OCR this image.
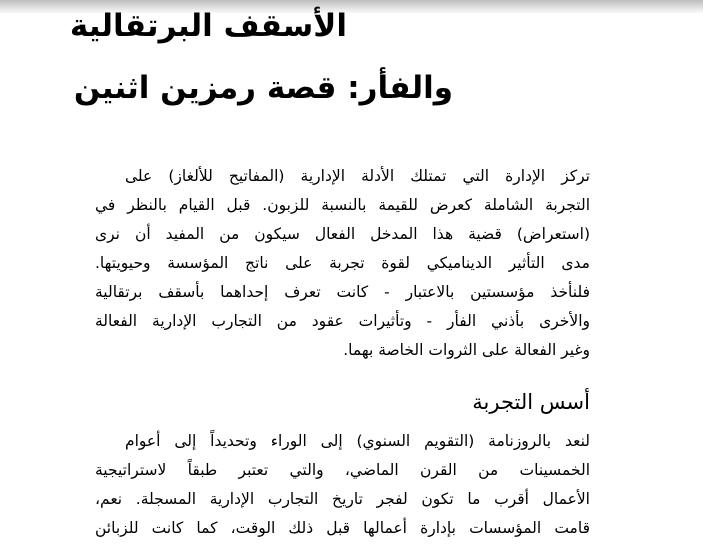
الأسقف البرتقالية
والفأر: قصة رمزين اثنين
تركز الإدارة التي تمتلك الأدلة الإدارية (المفاتيح للألغاز) على
التجربة الشاملة كعرض للقيمة بالنسبة للزبون. قبل القيام بالنظر في
(استعراض) قضية هذا المدخل الفعال سيكون من المفيد أن نرى
مدى التأثير الديناميكي لقوة تجربة على ناتج المؤسسة وحيويتها.
فلنأخذ مؤسستين بالاعتبار - كانت تعرف إحداهما بأسقف برتقالية
والأخرى بأذني الفأر - وتأثيرات عقود من التجارب الإدارية الفعالة
وغير الفعالة على الثروات الخاصة بهما.
أسس التجربة
لنعد بالروزنامة (التقويم السنوي) إلى الوراء وتحديداً إلى أعوام
الخمسينات من القرن الماضي، والتي تعتبر طبقاً لاستراتيجية
الأعمال أقرب ما تكون لفجر تاريخ التجارب الإدارية المسجلة. نعم،
قامت المؤسسات بإدارة أعمالها قبل ذلك الوقت، كما كانت للزبائن
